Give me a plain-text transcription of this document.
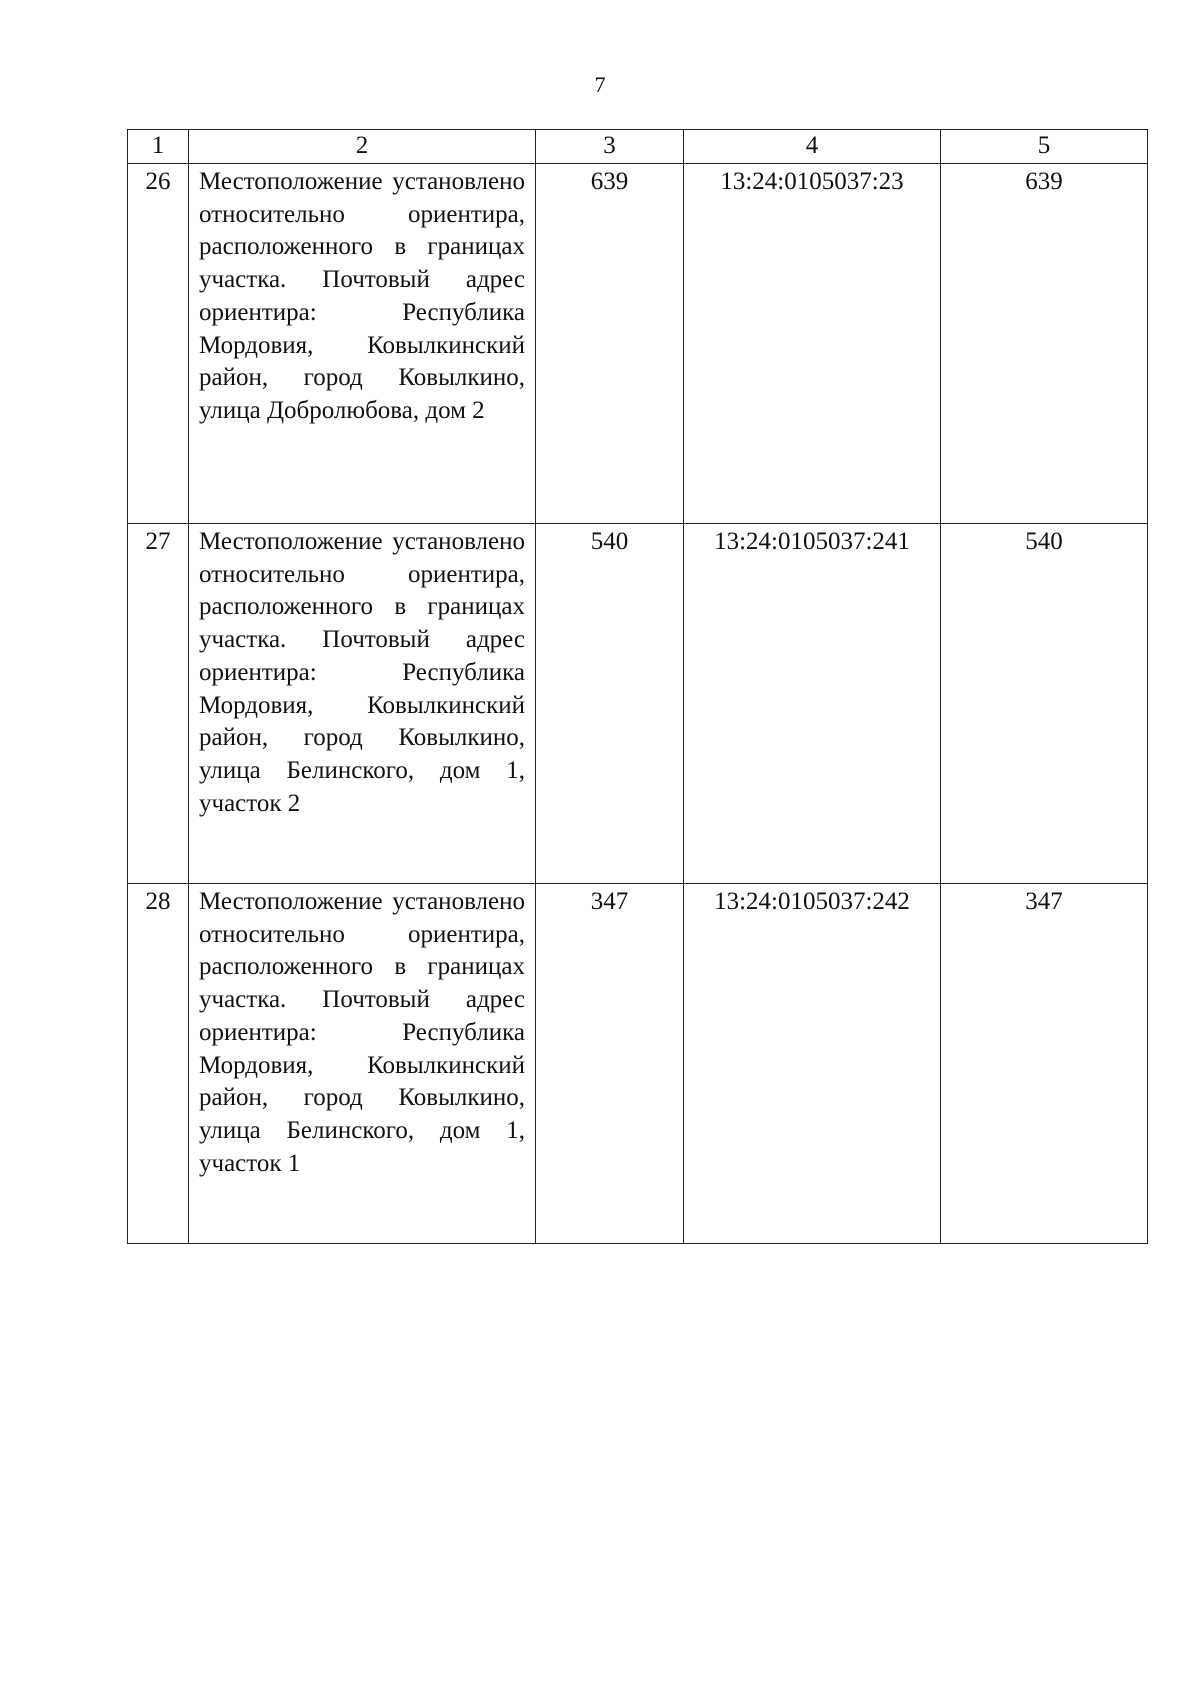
7
1	2	3	4	5
26	Местоположение установлено относительно ориентира, расположенного в границах участка. Почтовый адрес ориентира: Республика Мордовия, Ковылкинский район, город Ковылкино, улица Добролюбова, дом 2	639	13:24:0105037:23	639
27	Местоположение установлено относительно ориентира, расположенного в границах участка. Почтовый адрес ориентира: Республика Мордовия, Ковылкинский район, город Ковылкино, улица Белинского, дом 1, участок 2	540	13:24:0105037:241	540
28	Местоположение установлено относительно ориентира, расположенного в границах участка. Почтовый адрес ориентира: Республика Мордовия, Ковылкинский район, город Ковылкино, улица Белинского, дом 1, участок 1	347	13:24:0105037:242	347
